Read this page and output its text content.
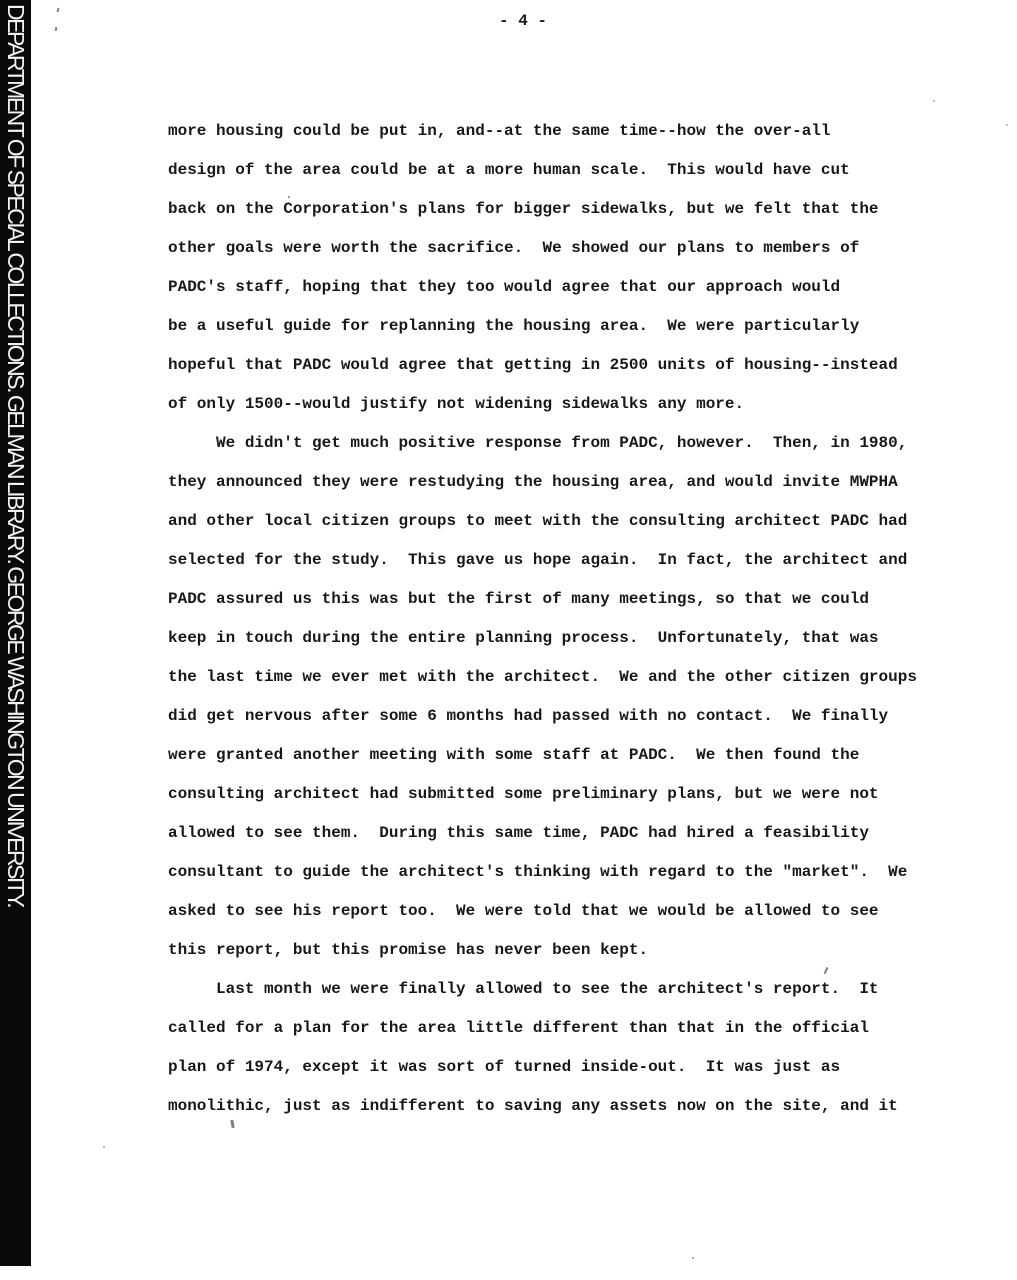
DEPARTMENT OF SPECIAL COLLECTIONS. GELMAN LIBRARY. GEORGE WASHINGTON UNIVERSITY.	- 4 -
more housing could be put in, and--at the same time--how the over-all
design of the area could be at a more human scale.  This would have cut
back on the Corporation's plans for bigger sidewalks, but we felt that the
other goals were worth the sacrifice.  We showed our plans to members of
PADC's staff, hoping that they too would agree that our approach would
be a useful guide for replanning the housing area.  We were particularly
hopeful that PADC would agree that getting in 2500 units of housing--instead
of only 1500--would justify not widening sidewalks any more.
We didn't get much positive response from PADC, however.  Then, in 1980,
they announced they were restudying the housing area, and would invite MWPHA
and other local citizen groups to meet with the consulting architect PADC had
selected for the study.  This gave us hope again.  In fact, the architect and
PADC assured us this was but the first of many meetings, so that we could
keep in touch during the entire planning process.  Unfortunately, that was
the last time we ever met with the architect.  We and the other citizen groups
did get nervous after some 6 months had passed with no contact.  We finally
were granted another meeting with some staff at PADC.  We then found the
consulting architect had submitted some preliminary plans, but we were not
allowed to see them.  During this same time, PADC had hired a feasibility
consultant to guide the architect's thinking with regard to the "market".  We
asked to see his report too.  We were told that we would be allowed to see
this report, but this promise has never been kept.
Last month we were finally allowed to see the architect's report.  It
called for a plan for the area little different than that in the official
plan of 1974, except it was sort of turned inside-out.  It was just as
monolithic, just as indifferent to saving any assets now on the site, and it
